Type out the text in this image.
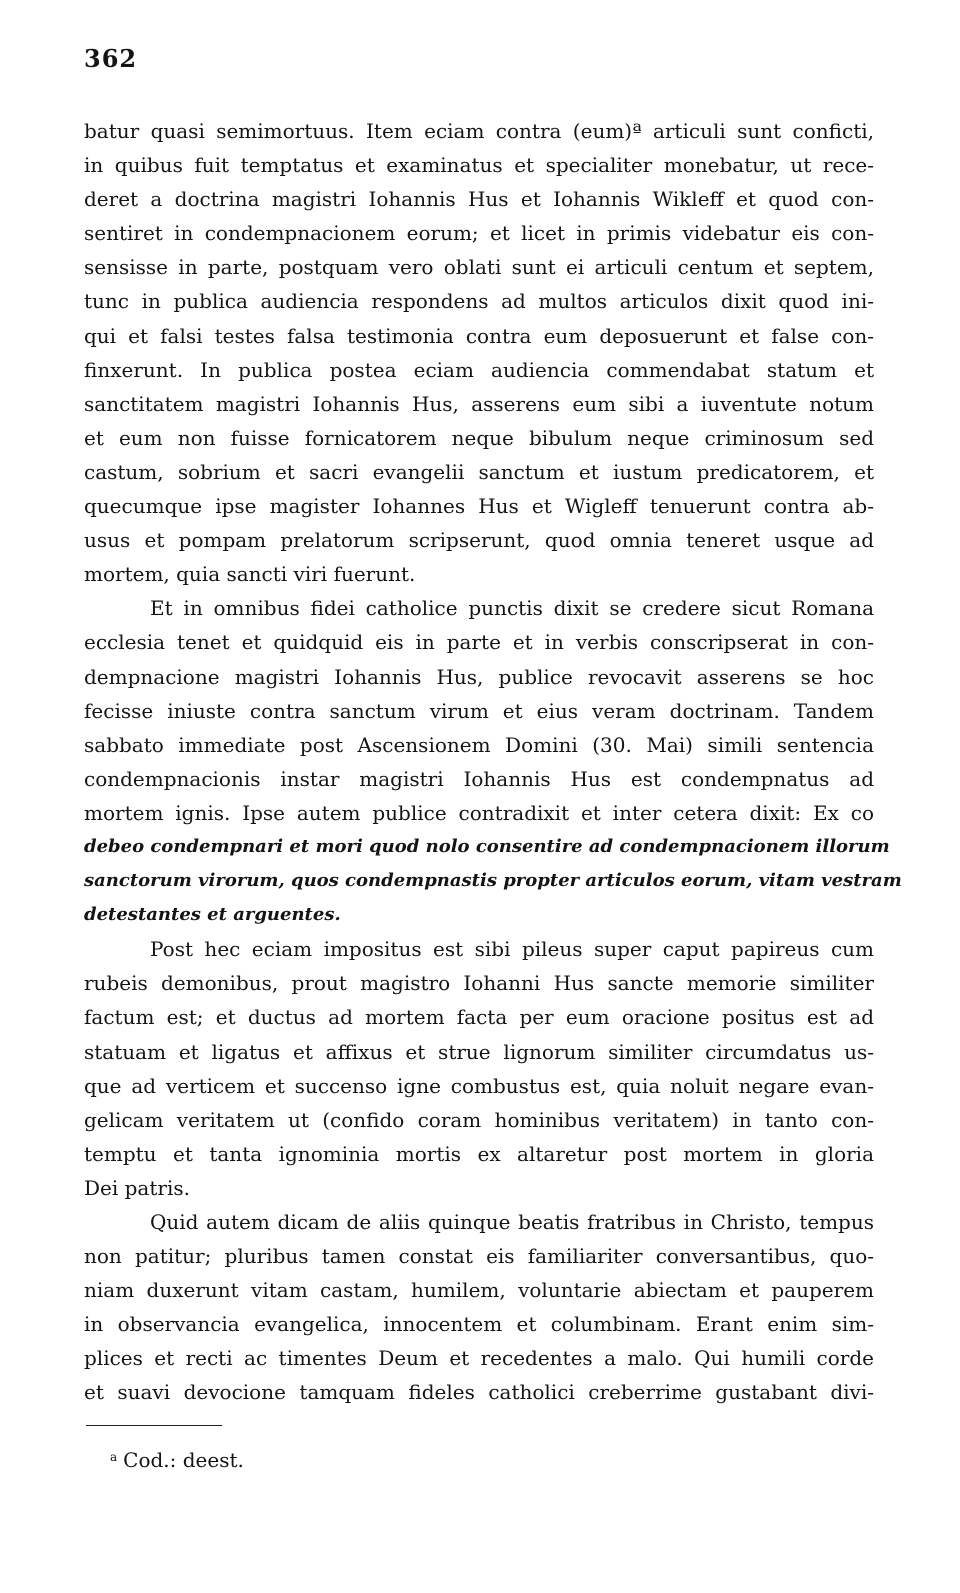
362
batur quasi semimortuus. Item eciam contra (eum)ª articuli sunt conficti,
in quibus fuit temptatus et examinatus et specialiter monebatur, ut rece-
deret a doctrina magistri Iohannis Hus et Iohannis Wikleff et quod con-
sentiret in condempnacionem eorum; et licet in primis videbatur eis con-
sensisse in parte, postquam vero oblati sunt ei articuli centum et septem,
tunc in publica audiencia respondens ad multos articulos dixit quod ini-
qui et falsi testes falsa testimonia contra eum deposuerunt et false con-
finxerunt. In publica postea eciam audiencia commendabat statum et
sanctitatem magistri Iohannis Hus, asserens eum sibi a iuventute notum
et eum non fuisse fornicatorem neque bibulum neque criminosum sed
castum, sobrium et sacri evangelii sanctum et iustum predicatorem, et
quecumque ipse magister Iohannes Hus et Wigleff tenuerunt contra ab-
usus et pompam prelatorum scripserunt, quod omnia teneret usque ad
mortem, quia sancti viri fuerunt.
Et in omnibus fidei catholice punctis dixit se credere sicut Romana
ecclesia tenet et quidquid eis in parte et in verbis conscripserat in con-
dempnacione magistri Iohannis Hus, publice revocavit asserens se hoc
fecisse iniuste contra sanctum virum et eius veram doctrinam. Tandem
sabbato immediate post Ascensionem Domini (30. Mai) simili sentencia
condempnacionis instar magistri Iohannis Hus est condempnatus ad
mortem ignis. Ipse autem publice contradixit et inter cetera dixit: Ex co
debeo condempnari et mori quod nolo consentire ad condempnacionem illorum
sanctorum virorum, quos condempnastis propter articulos eorum, vitam vestram
detestantes et arguentes.
Post hec eciam impositus est sibi pileus super caput papireus cum
rubeis demonibus, prout magistro Iohanni Hus sancte memorie similiter
factum est; et ductus ad mortem facta per eum oracione positus est ad
statuam et ligatus et affixus et strue lignorum similiter circumdatus us-
que ad verticem et succenso igne combustus est, quia noluit negare evan-
gelicam veritatem ut (confido coram hominibus veritatem) in tanto con-
temptu et tanta ignominia mortis ex altaretur post mortem in gloria
Dei patris.
Quid autem dicam de aliis quinque beatis fratribus in Christo, tempus
non patitur; pluribus tamen constat eis familiariter conversantibus, quo-
niam duxerunt vitam castam, humilem, voluntarie abiectam et pauperem
in observancia evangelica, innocentem et columbinam. Erant enim sim-
plices et recti ac timentes Deum et recedentes a malo. Qui humili corde
et suavi devocione tamquam fideles catholici creberrime gustabant divi-
$^a$ Cod.: deest.
